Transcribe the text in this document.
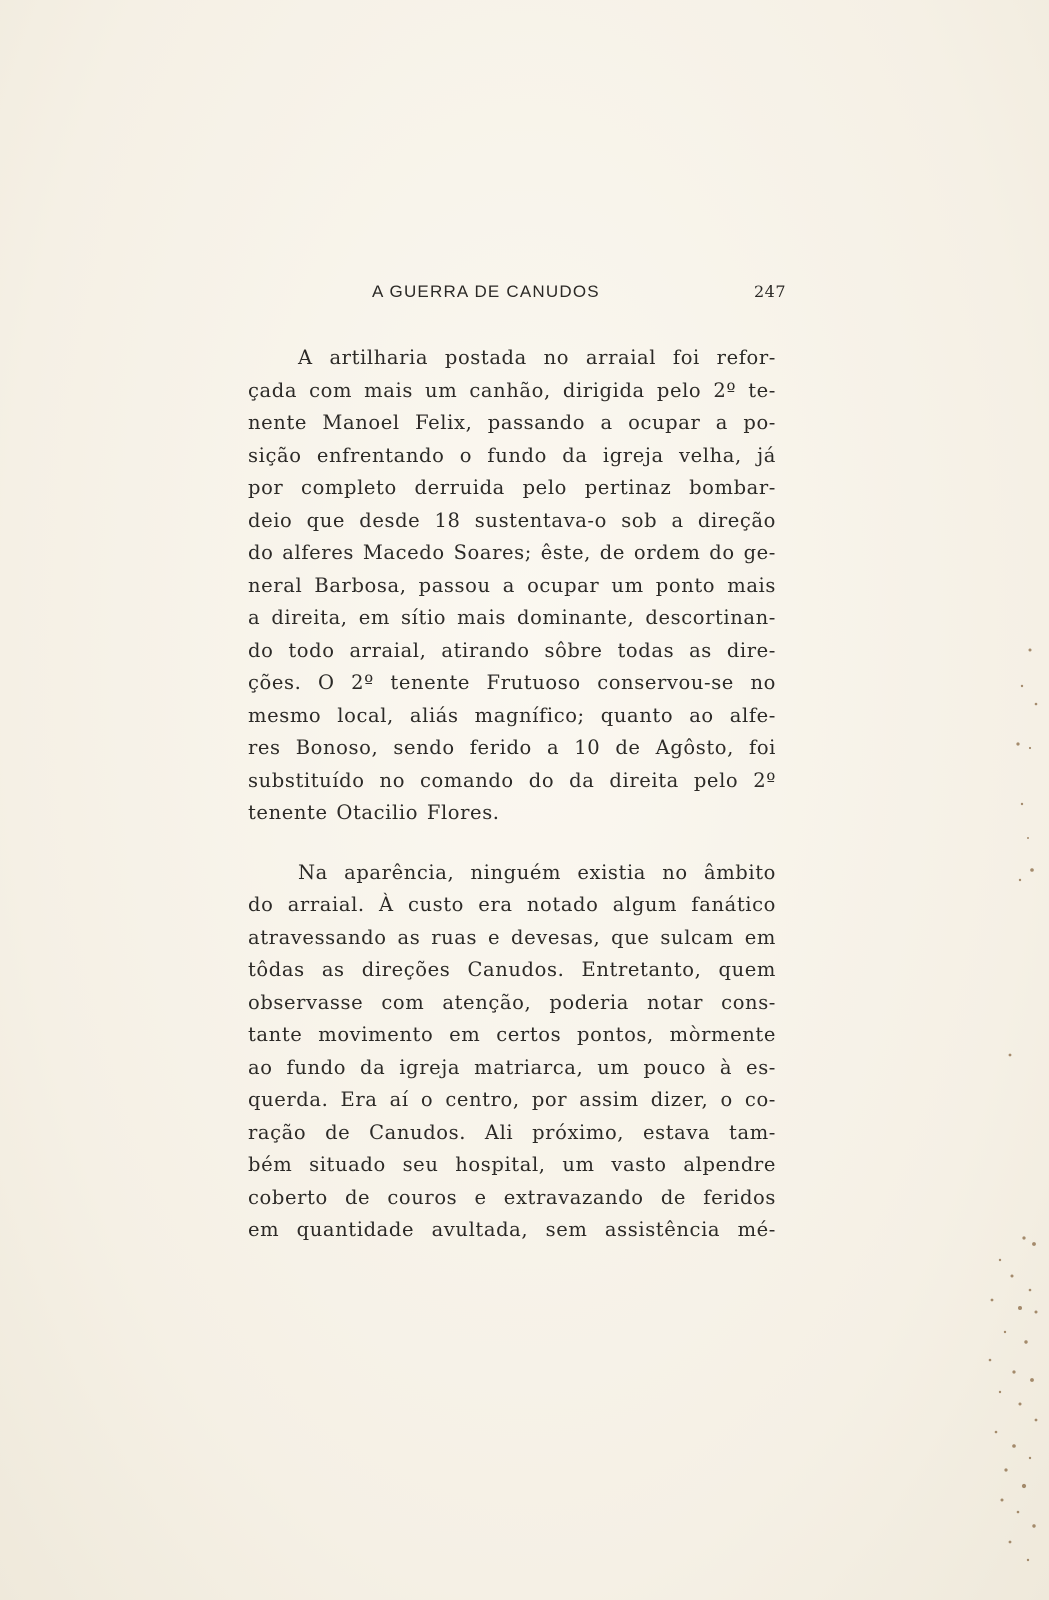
A GUERRA DE CANUDOS	247
A artilharia postada no arraial foi refor-
çada com mais um canhão, dirigida pelo 2º te-
nente Manoel Felix, passando a ocupar a po-
sição enfrentando o fundo da igreja velha, já
por completo derruida pelo pertinaz bombar-
deio que desde 18 sustentava-o sob a direção
do alferes Macedo Soares; êste, de ordem do ge-
neral Barbosa, passou a ocupar um ponto mais
a direita, em sítio mais dominante, descortinan-
do todo arraial, atirando sôbre todas as dire-
ções. O 2º tenente Frutuoso conservou-se no
mesmo local, aliás magnífico; quanto ao alfe-
res Bonoso, sendo ferido a 10 de Agôsto, foi
substituído no comando do da direita pelo 2º
tenente Otacilio Flores.
Na aparência, ninguém existia no âmbito
do arraial. À custo era notado algum fanático
atravessando as ruas e devesas, que sulcam em
tôdas as direções Canudos. Entretanto, quem
observasse com atenção, poderia notar cons-
tante movimento em certos pontos, mòrmente
ao fundo da igreja matriarca, um pouco à es-
querda. Era aí o centro, por assim dizer, o co-
ração de Canudos. Ali próximo, estava tam-
bém situado seu hospital, um vasto alpendre
coberto de couros e extravazando de feridos
em quantidade avultada, sem assistência mé-
